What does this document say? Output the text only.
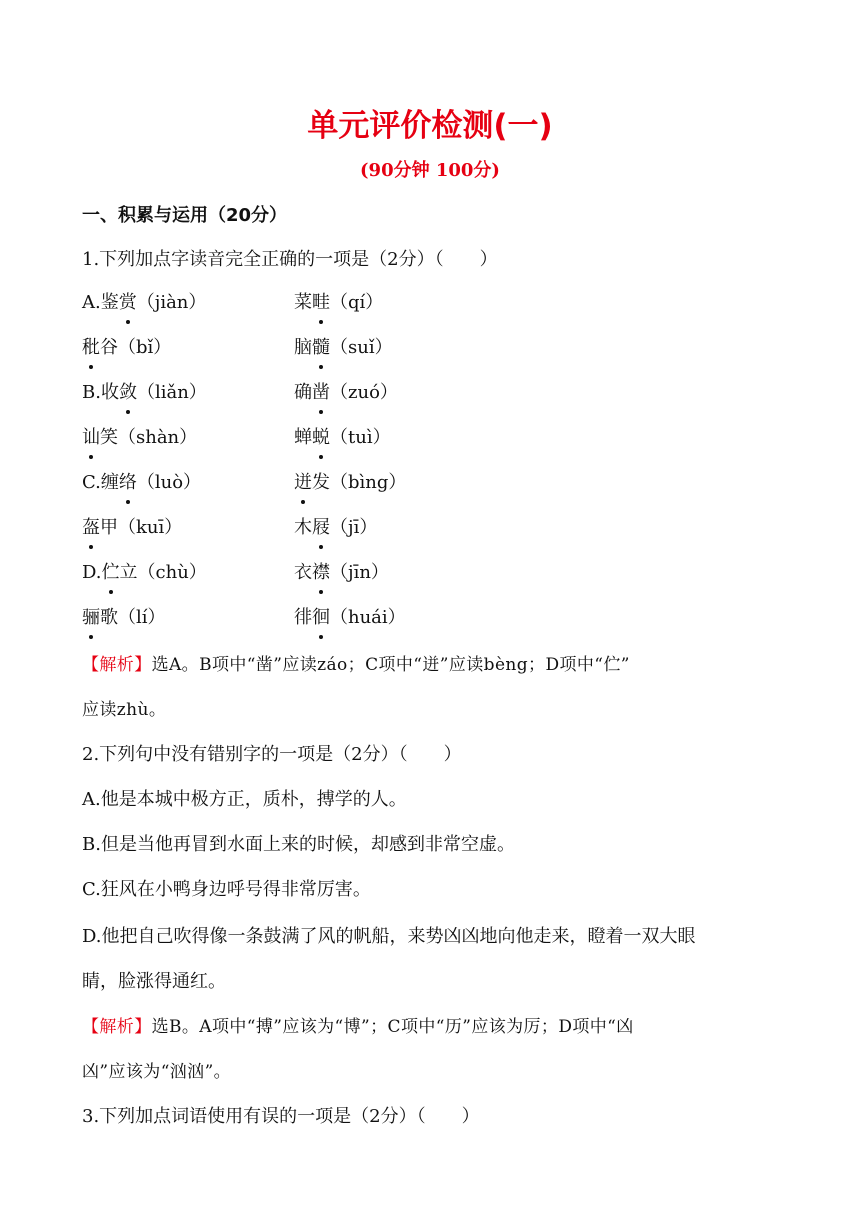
单元评价检测(一)
(90分钟 100分)
一、积累与运用（20分）
1.下列加点字读音完全正确的一项是（2分）（　　）
A.鉴赏（jiàn）	菜畦（qí）
秕谷（bǐ）	脑髓（suǐ）
B.收敛（liǎn）	确凿（zuó）
讪笑（shàn）	蝉蜕（tuì）
C.缠络（luò）	迸发（bìng）
盔甲（kuī）	木屐（jī）
D.伫立（chù）	衣襟（jīn）
骊歌（lí）	徘徊（huái）
【解析】选A。B项中“凿”应读záo；C项中“迸”应读bèng；D项中“伫”
应读zhù。
2.下列句中没有错别字的一项是（2分）（　　）
A.他是本城中极方正，质朴，搏学的人。
B.但是当他再冒到水面上来的时候，却感到非常空虚。
C.狂风在小鸭身边呼号得非常厉害。
D.他把自己吹得像一条鼓满了风的帆船，来势凶凶地向他走来，瞪着一双大眼
睛，脸涨得通红。
【解析】选B。A项中“搏”应该为“博”；C项中“历”应该为厉；D项中“凶
凶”应该为“汹汹”。
3.下列加点词语使用有误的一项是（2分）（　　）
